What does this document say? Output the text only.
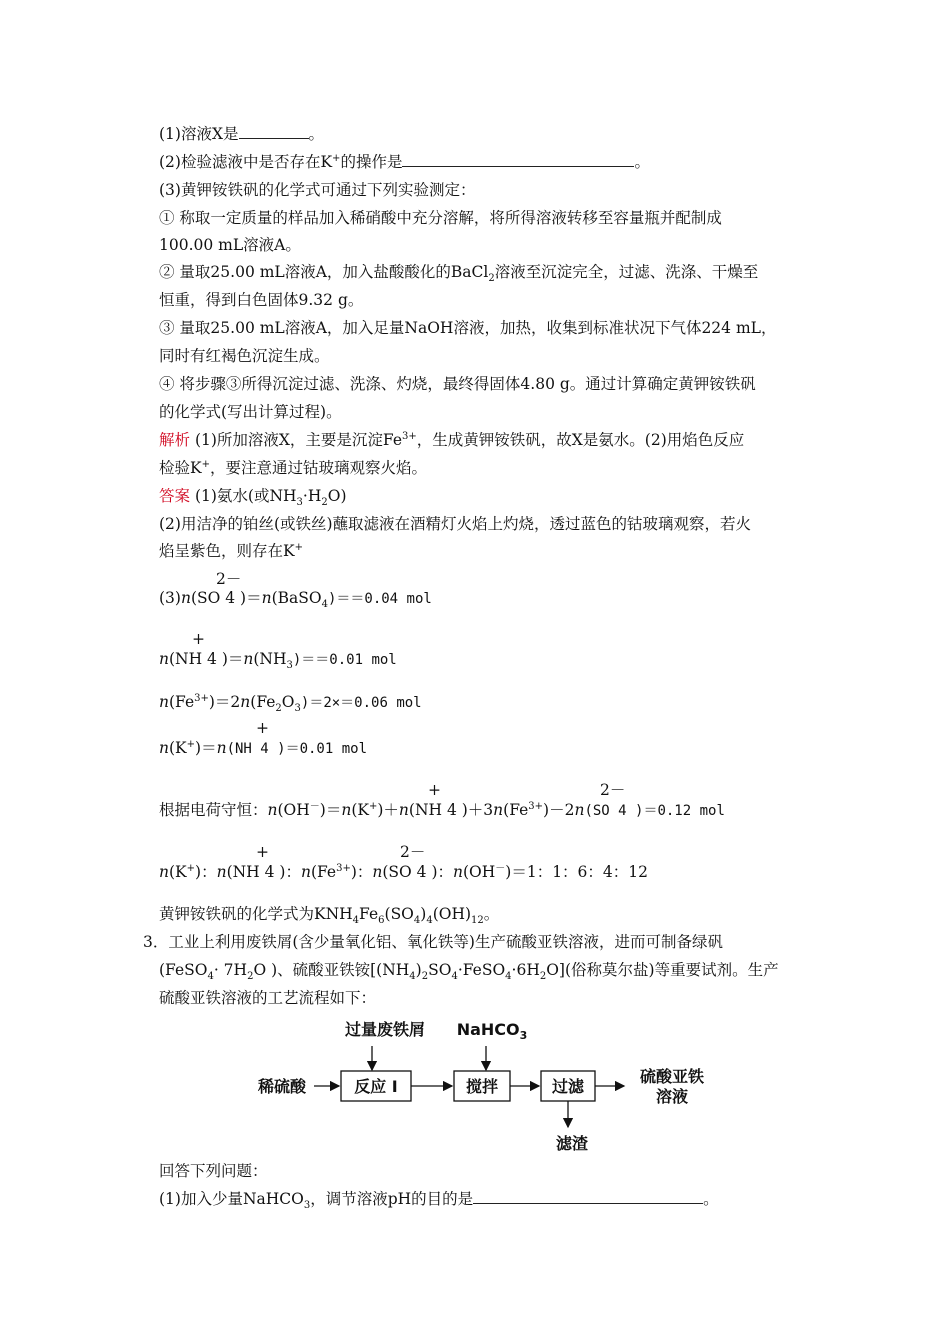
(1)溶液X是	。
(2)检验滤液中是否存在K+的操作是	。
(3)黄钾铵铁矾的化学式可通过下列实验测定：
① 称取一定质量的样品加入稀硝酸中充分溶解，将所得溶液转移至容量瓶并配制成
100.00 mL溶液A。
② 量取25.00 mL溶液A，加入盐酸酸化的BaCl$_2$溶液至沉淀完全，过滤、洗涤、干燥至
恒重，得到白色固体9.32 g。
③ 量取25.00 mL溶液A，加入足量NaOH溶液，加热，收集到标准状况下气体224 mL，
同时有红褐色沉淀生成。
④ 将步骤③所得沉淀过滤、洗涤、灼烧，最终得固体4.80 g。通过计算确定黄钾铵铁矾
的化学式(写出计算过程)。
解析 (1)所加溶液X，主要是沉淀$Fe^{3+}$，生成黄钾铵铁矾，故X是氨水。(2)用焰色反应
检验K+，要注意通过钴玻璃观察火焰。
答案 (1)氨水(或$NH_3\cdot H_2O$)
(2)用洁净的铂丝(或铁丝)蘸取滤液在酒精灯火焰上灼烧，透过蓝色的钴玻璃观察，若火
焰呈紫色，则存在K+
2－
(3)n(SO 4 )＝n(BaSO$_4$)＝＝0.04 mol
+
n(NH 4 )$=n(NH_3)==0.01$ mol
$n(Fe^{3+})=2n(Fe_2O_3)=2\times=0.06$ mol
+
n(K+)＝n(NH 4 )＝0.01 mol
+	2－
根据电荷守恒：n(OH－)＝n(K+)＋n(NH 4 )$+3n(Fe^{3+})-2n(SO$ 4 )＝0.12 mol
+	2－
n(K+)：n(NH 4 )：$n(Fe^{3+})$：n(SO 4 )：n(OH－)＝1：1：6：4：12
黄钾铵铁矾的化学式为$KNH_4Fe_6(SO_4)_4(OH)_{12}$。
3．工业上利用废铁屑(含少量氧化铝、氧化铁等)生产硫酸亚铁溶液，进而可制备绿矾
(FeSO$_4$· $7H_2O$ )、硫酸亚铁铵$[(NH_4)_2SO_4\cdot FeSO_4\cdot 6H_2O]$(俗称莫尔盐)等重要试剂。生产
硫酸亚铁溶液的工艺流程如下：
过量废铁屑 NaHCO$_3$
稀硫酸	反应 I	搅拌	过滤
硫酸亚铁
溶液
滤渣
回答下列问题：
(1)加入少量NaHCO$_3$，调节溶液pH的目的是	。
